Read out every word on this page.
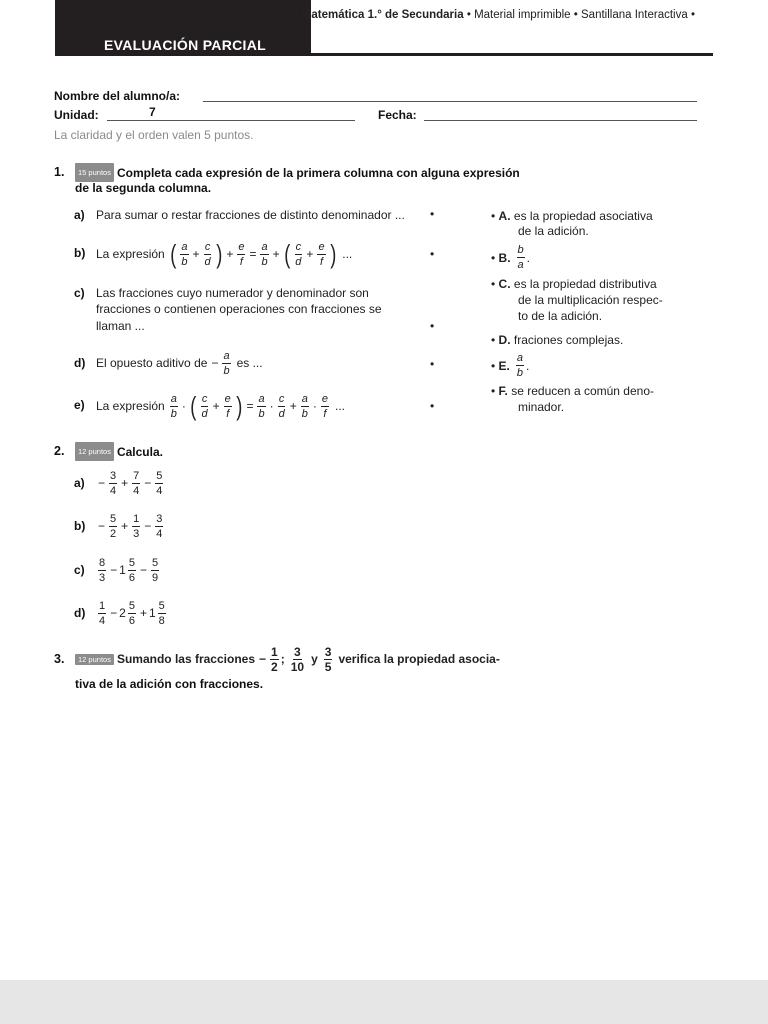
EVALUACIÓN PARCIAL
Nombre del alumno/a:
Unidad:	7	Fecha:
La claridad y el orden valen 5 puntos.
1.	15 puntos Completa cada expresión de la primera columna con alguna expresión
de la segunda columna.
a) Para sumar o restar fracciones de distinto denominador ... •
b) La expresión ( $\frac{a}{b} + \frac{c}{d}$ ) + $\frac{e}{f} = \frac{a}{b}$ + ( $\frac{c}{d} + \frac{e}{f}$ ) ...	•
c) Las fracciones cuyo numerador y denominador son
fracciones o contienen operaciones con fracciones se
llaman ...	•
d) El opuesto aditivo de − $\frac{a}{b}$ es ...	•
e) La expresión $\frac{a}{b}$ · ( $\frac{c}{d} + \frac{e}{f}$ ) = $\frac{a}{b} \cdot \frac{c}{d} + \frac{a}{b} \cdot \frac{e}{f}$ ...	•
• A. es la propiedad asociativa
de la adición.
• B. $\frac{b}{a}$ .
• C. es la propiedad distributiva
de la multiplicación respec-
to de la adición.
• D. fraciones complejas.
• E. $\frac{a}{b}$ .
• F. se reducen a común deno-
minador.
2.	12 puntos Calcula.
$a) - \frac{3}{4} + \frac{7}{4} - \frac{5}{4}$
$b) - \frac{5}{2} + \frac{1}{3} - \frac{3}{4}$
$c) \frac{8}{3} - 1 \frac{5}{6} - \frac{5}{9}$
$d) \frac{1}{4} - 2 \frac{5}{6} + 1 \frac{5}{8}$
3.	12 puntos Sumando las fracciones − $\frac{1}{2}$ ; $\frac{3}{10}$ y $\frac{3}{5}$ verifica la propiedad asocia-
tiva de la adición con fracciones.
• Matemática 1.° de Secundaria • Material imprimible • Santillana Interactiva •
